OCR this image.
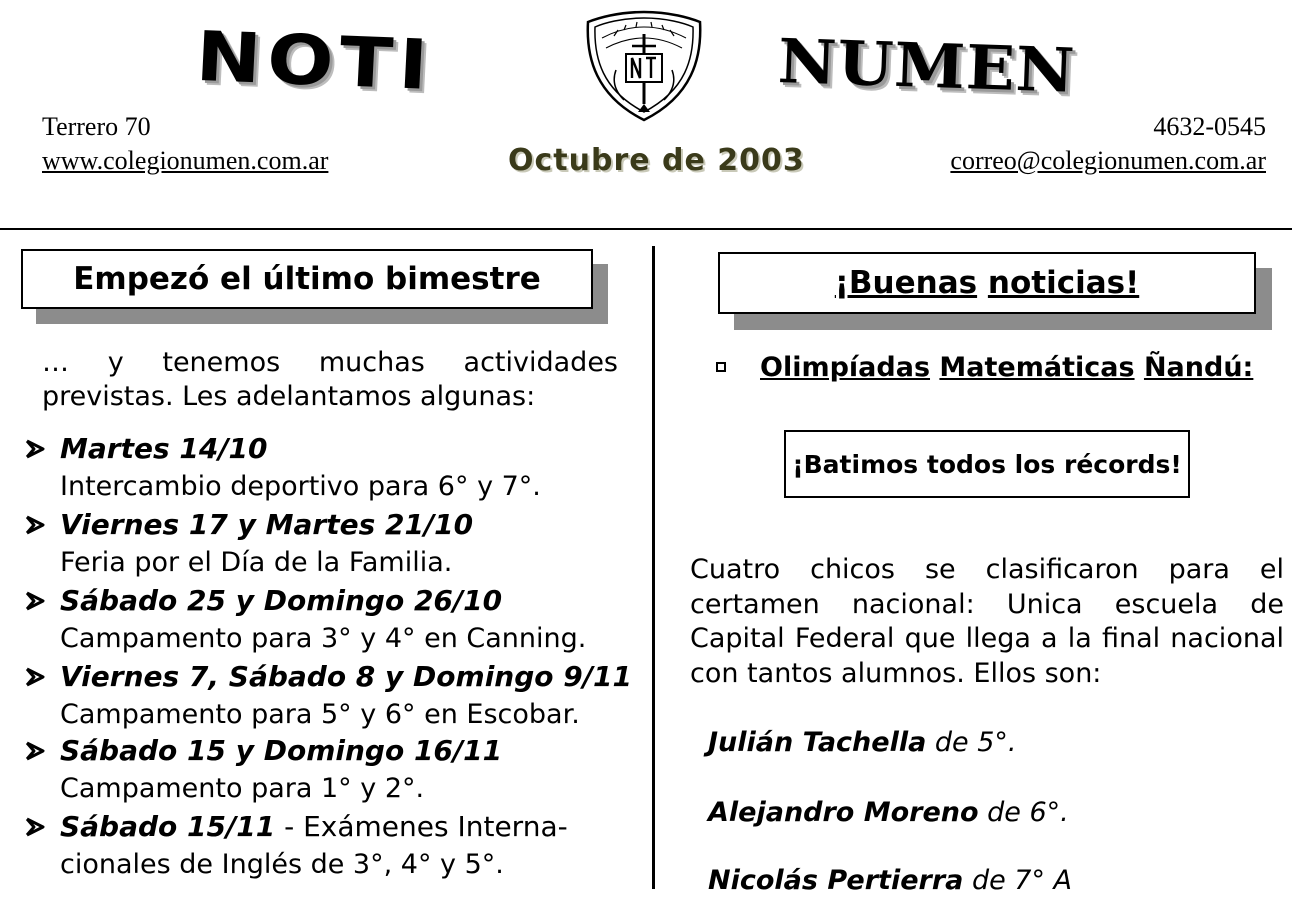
NOTI	NUMEN
Terrero 70
www.colegionumen.com.ar
4632-0545
correo@colegionumen.com.ar
Octubre de 2003
Empezó el último bimestre
… y tenemos muchas actividades
previstas. Les adelantamos algunas:
Martes 14/10
Intercambio deportivo para 6° y 7°.
Viernes 17 y Martes 21/10
Feria por el Día de la Familia.
Sábado 25 y Domingo 26/10
Campamento para 3° y 4° en Canning.
Viernes 7, Sábado 8 y Domingo 9/11
Campamento para 5° y 6° en Escobar.
Sábado 15 y Domingo 16/11
Campamento para 1° y 2°.
Sábado 15/11 - Exámenes Interna-
cionales de Inglés de 3°, 4° y 5°.
¡Buenas
noticias!
Olimpíadas Matemáticas Ñandú:
¡Batimos todos los récords!
Cuatro chicos se clasificaron para el
certamen nacional: Unica escuela de
Capital Federal que llega a la final nacional
con tantos alumnos. Ellos son:
Julián Tachella de 5°.
Alejandro Moreno de 6°.
Nicolás Pertierra de 7° A
